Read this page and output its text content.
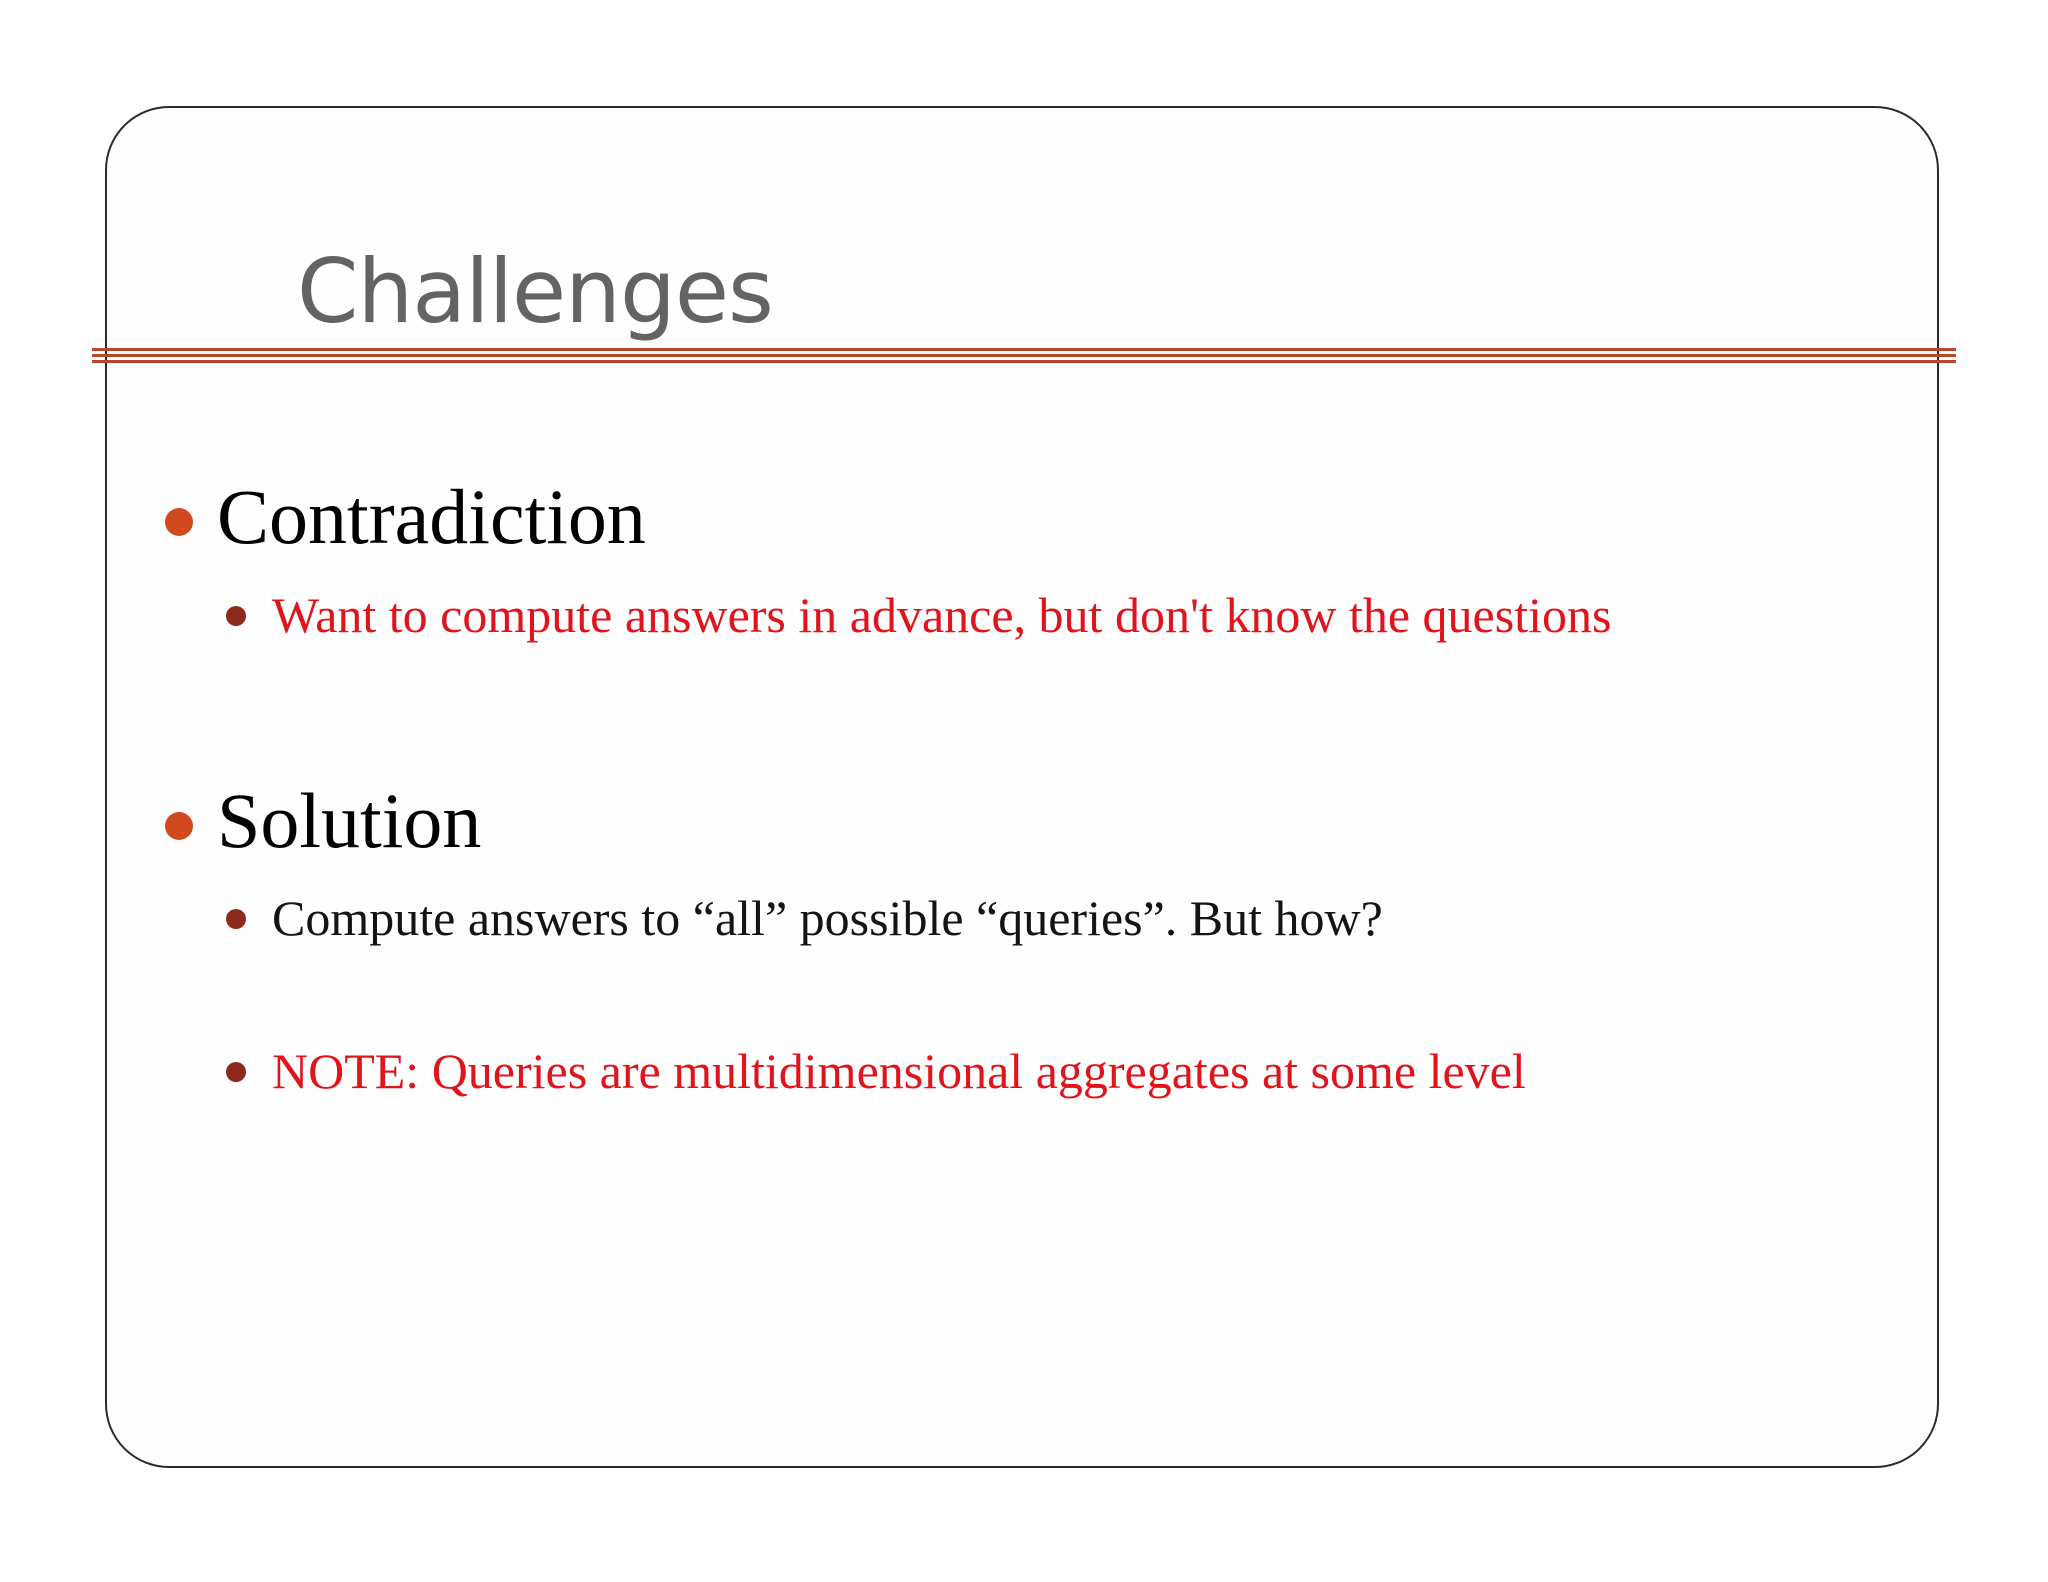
Challenges
Contradiction
Want to compute answers in advance, but don't know the questions
Solution
Compute answers to “all” possible “queries”. But how?
NOTE: Queries are multidimensional aggregates at some level
